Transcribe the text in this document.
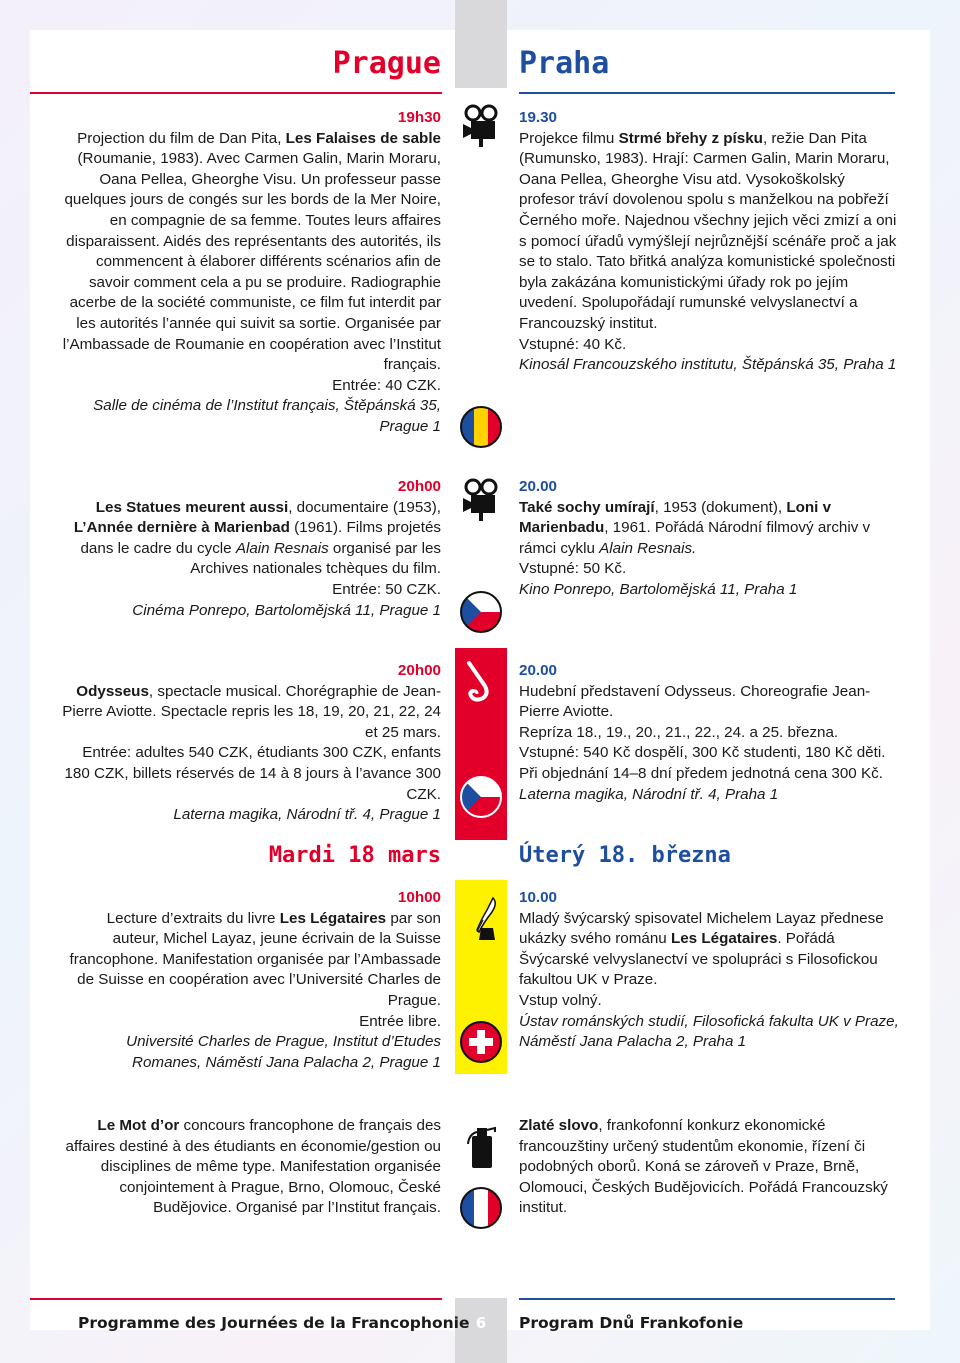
Prague	Praha

19h30

Projection du film de Dan Pita, Les Falaises de sable (Roumanie, 1983). Avec Carmen Galin, Marin Moraru, Oana Pellea, Gheorghe Visu. Un professeur passe quelques jours de congés sur les bords de la Mer Noire, en compagnie de sa femme. Toutes leurs affaires disparaissent. Aidés des représentants des autorités, ils commencent à élaborer différents scénarios afin de savoir comment cela a pu se produire. Radiographie acerbe de la société communiste, ce film fut interdit par les autorités l’année qui suivit sa sortie. Organisée par l’Ambassade de Roumanie en coopération avec l’Institut français.

Entrée: 40 CZK.

Salle de cinéma de l’Institut français, Štěpánská 35, Prague 1

19.30

Projekce filmu Strmé břehy z písku, režie Dan Pita (Rumunsko, 1983). Hrají: Carmen Galin, Marin Moraru, Oana Pellea, Gheorghe Visu atd. Vysokoškolský profesor tráví dovolenou spolu s manželkou na pobřeží Černého moře. Najednou všechny jejich věci zmizí a oni s pomocí úřadů vymýšlejí nejrůznější scénáře proč a jak se to stalo. Tato břitká analýza komunistické společnosti byla zakázána komunistickými úřady rok po jejím uvedení. Spolupořádají rumunské velvyslanectví a Francouzský institut.

Vstupné: 40 Kč.

Kinosál Francouzského institutu, Štěpánská 35, Praha 1

20h00

Les Statues meurent aussi, documentaire (1953), L’Année dernière à Marienbad (1961). Films projetés dans le cadre du cycle Alain Resnais organisé par les Archives nationales tchèques du film.

Entrée: 50 CZK.

Cinéma Ponrepo, Bartolomějská 11, Prague 1

20.00

Také sochy umírají, 1953 (dokument), Loni v Marienbadu, 1961. Pořádá Národní filmový archiv v rámci cyklu Alain Resnais.

Vstupné: 50 Kč.

Kino Ponrepo, Bartolomějská 11, Praha 1

20h00

Odysseus, spectacle musical. Chorégraphie de Jean-Pierre Aviotte. Spectacle repris les 18, 19, 20, 21, 22, 24 et 25 mars.

Entrée: adultes 540 CZK, étudiants 300 CZK, enfants 180 CZK, billets réservés de 14 à 8 jours à l’avance 300 CZK.

Laterna magika, Národní tř. 4, Prague 1

20.00

Hudební představení Odysseus. Choreografie Jean-Pierre Aviotte.

Repríza 18., 19., 20., 21., 22., 24. a 25. března.

Vstupné: 540 Kč dospělí, 300 Kč studenti, 180 Kč děti. Při objednání 14–8 dní předem jednotná cena 300 Kč.

Laterna magika, Národní tř. 4, Praha 1

Mardi 18 mars	Úterý 18. března

10h00

Lecture d’extraits du livre Les Légataires par son auteur, Michel Layaz, jeune écrivain de la Suisse francophone. Manifestation organisée par l’Ambassade de Suisse en coopération avec l’Université Charles de Prague.

Entrée libre.

Université Charles de Prague, Institut d’Etudes Romanes, Náměstí Jana Palacha 2, Prague 1

10.00

Mladý švýcarský spisovatel Michelem Layaz přednese ukázky svého románu Les Légataires. Pořádá Švýcarské velvyslanectví ve spolupráci s Filosofickou fakultou UK v Praze.

Vstup volný.

Ústav románských studií, Filosofická fakulta UK v Praze, Náměstí Jana Palacha 2, Praha 1

Le Mot d’or concours francophone de français des affaires destiné à des étudiants en économie/gestion ou disciplines de même type. Manifestation organisée conjointement à Prague, Brno, Olomouc, České Budějovice. Organisé par l’Institut français.

Zlaté slovo, frankofonní konkurz ekonomické francouzštiny určený studentům ekonomie, řízení či podobných oborů. Koná se zároveň v Praze, Brně, Olomouci, Českých Budějovicích. Pořádá Francouzský institut.

Programme des Journées de la Francophonie 6	Program Dnů Frankofonie
